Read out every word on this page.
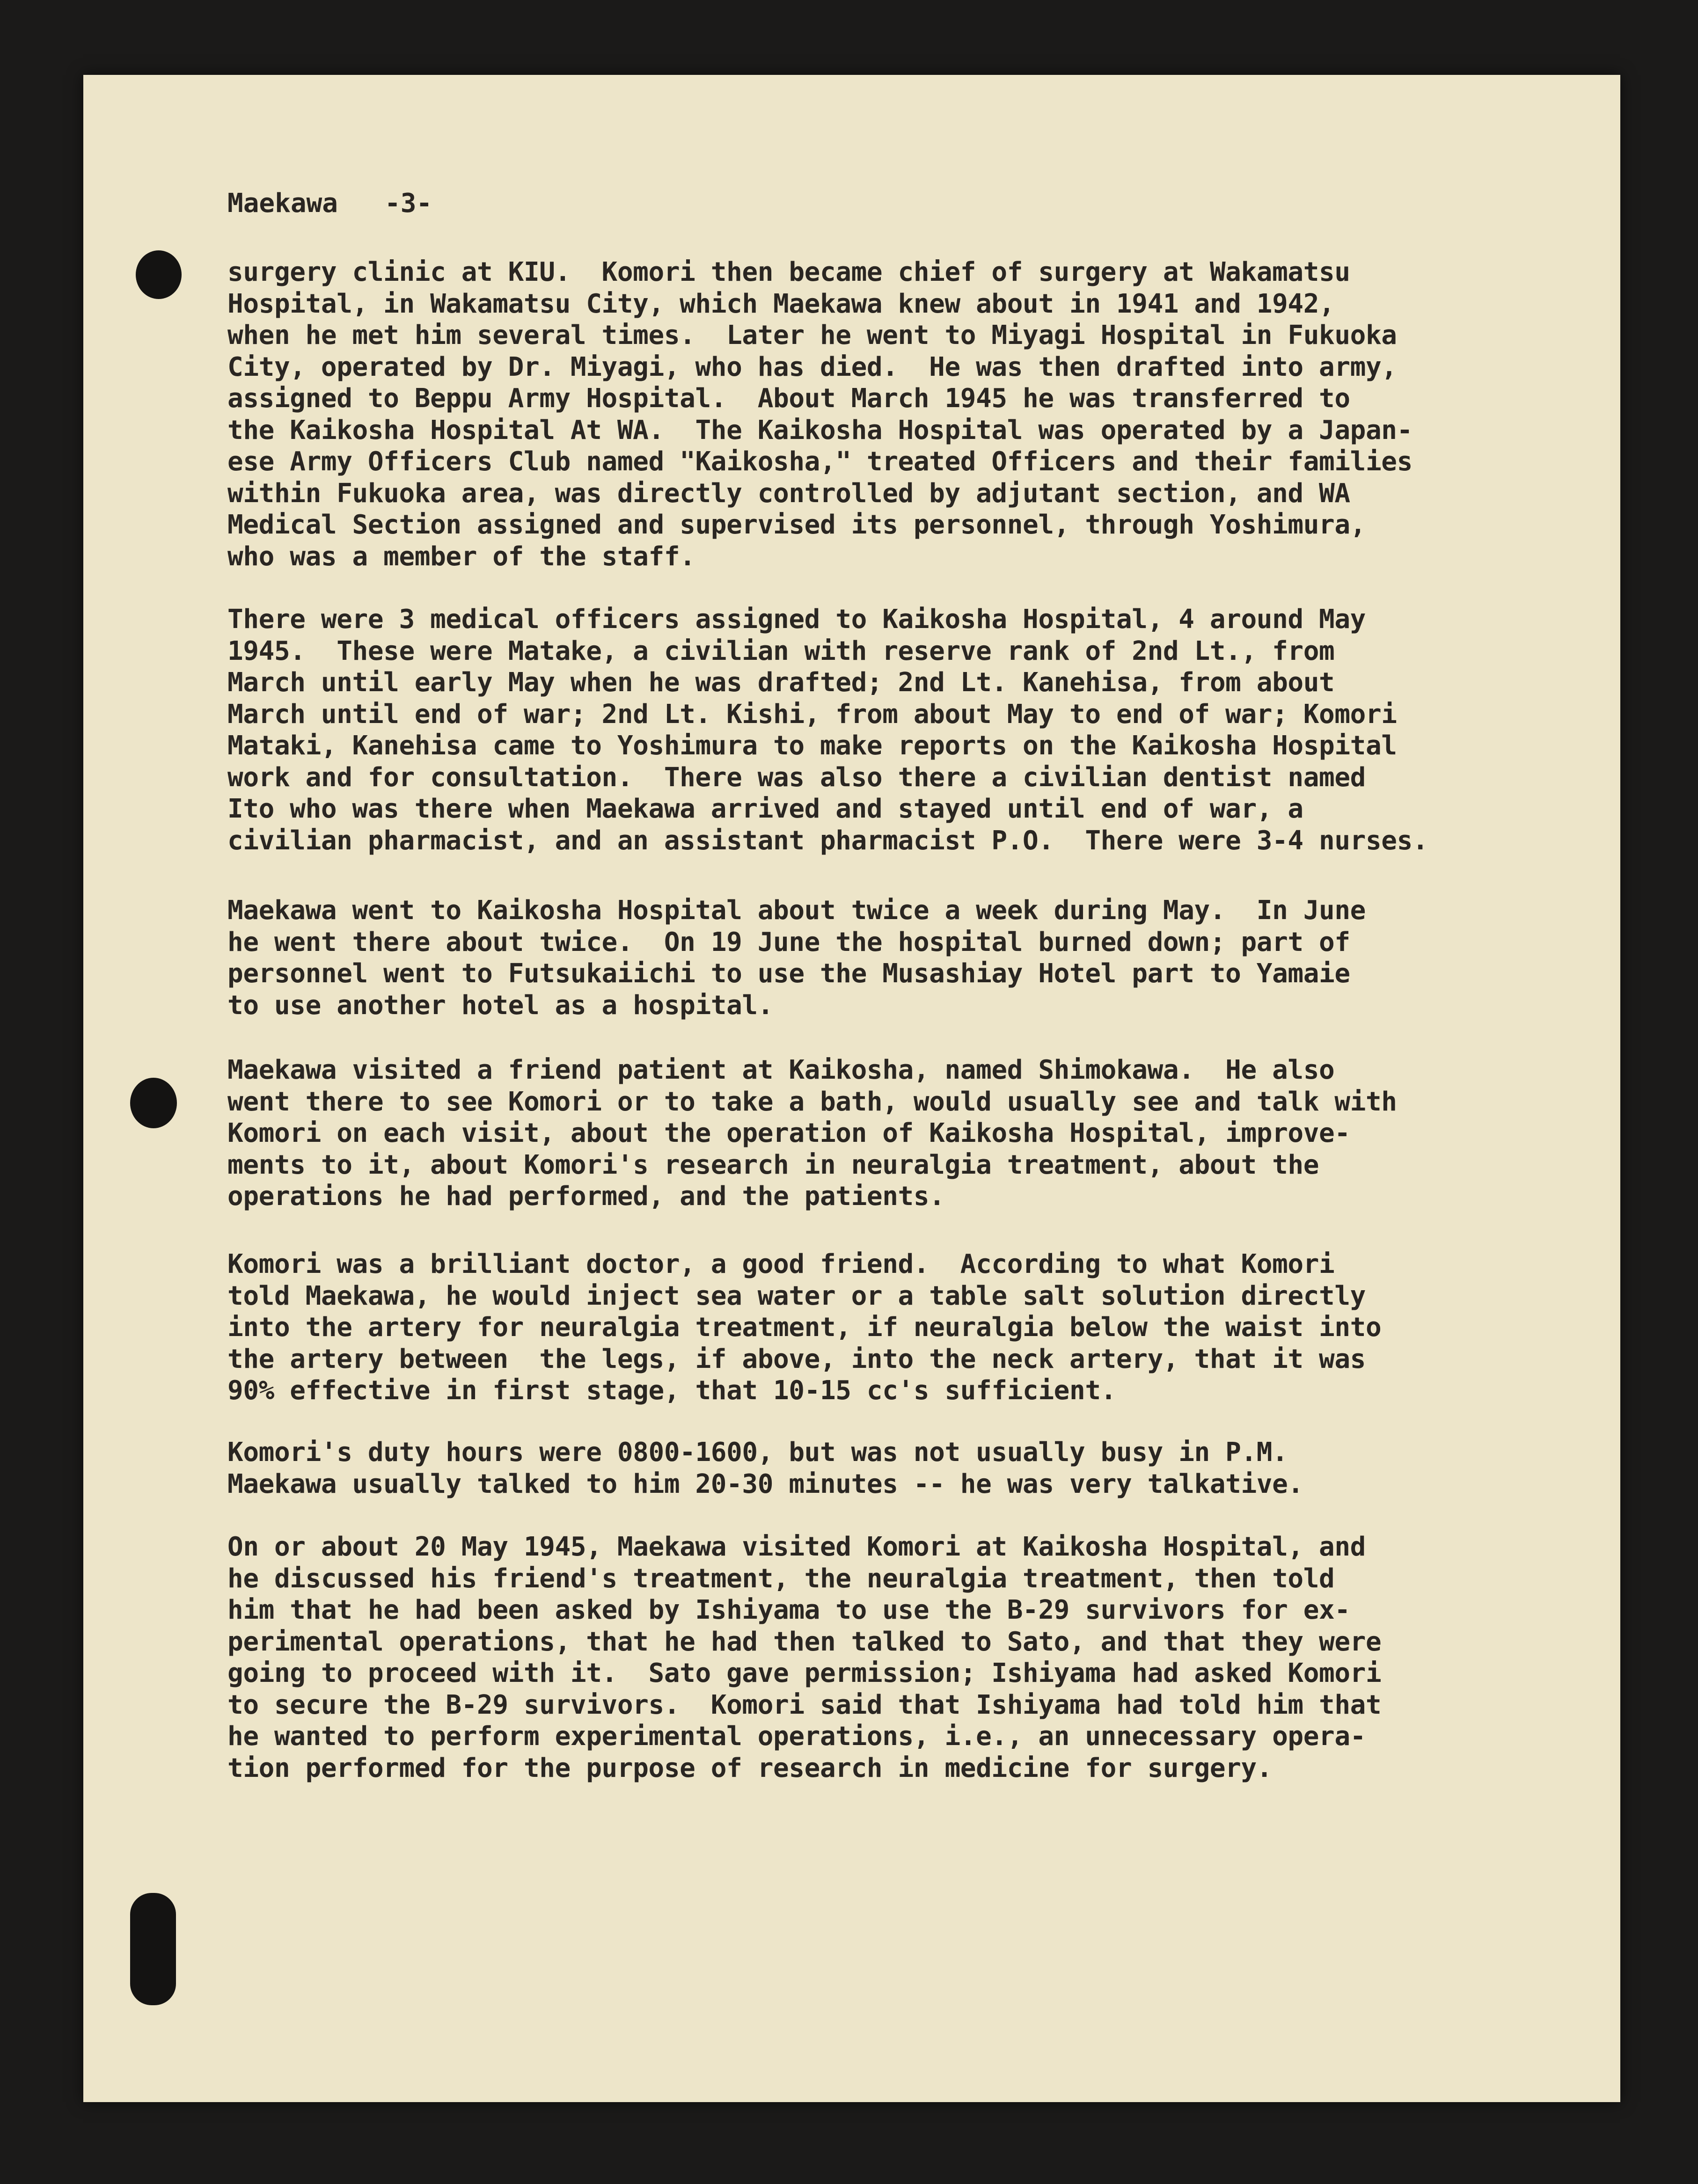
Maekawa -3-

surgery clinic at KIU.  Komori then became chief of surgery at Wakamatsu
Hospital, in Wakamatsu City, which Maekawa knew about in 1941 and 1942,
when he met him several times.  Later he went to Miyagi Hospital in Fukuoka
City, operated by Dr. Miyagi, who has died.  He was then drafted into army,
assigned to Beppu Army Hospital.  About March 1945 he was transferred to
the Kaikosha Hospital At WA.  The Kaikosha Hospital was operated by a Japan-
ese Army Officers Club named "Kaikosha," treated Officers and their families
within Fukuoka area, was directly controlled by adjutant section, and WA
Medical Section assigned and supervised its personnel, through Yoshimura,
who was a member of the staff.

There were 3 medical officers assigned to Kaikosha Hospital, 4 around May
1945.  These were Matake, a civilian with reserve rank of 2nd Lt., from
March until early May when he was drafted; 2nd Lt. Kanehisa, from about
March until end of war; 2nd Lt. Kishi, from about May to end of war; Komori
Mataki, Kanehisa came to Yoshimura to make reports on the Kaikosha Hospital
work and for consultation.  There was also there a civilian dentist named
Ito who was there when Maekawa arrived and stayed until end of war, a
civilian pharmacist, and an assistant pharmacist P.O.  There were 3-4 nurses.

Maekawa went to Kaikosha Hospital about twice a week during May.  In June
he went there about twice.  On 19 June the hospital burned down; part of
personnel went to Futsukaiichi to use the Musashiay Hotel part to Yamaie
to use another hotel as a hospital.

Maekawa visited a friend patient at Kaikosha, named Shimokawa.  He also
went there to see Komori or to take a bath, would usually see and talk with
Komori on each visit, about the operation of Kaikosha Hospital, improve-
ments to it, about Komori's research in neuralgia treatment, about the
operations he had performed, and the patients.

Komori was a brilliant doctor, a good friend.  According to what Komori
told Maekawa, he would inject sea water or a table salt solution directly
into the artery for neuralgia treatment, if neuralgia below the waist into
the artery between  the legs, if above, into the neck artery, that it was
90% effective in first stage, that 10-15 cc's sufficient.

Komori's duty hours were 0800-1600, but was not usually busy in P.M.
Maekawa usually talked to him 20-30 minutes -- he was very talkative.

On or about 20 May 1945, Maekawa visited Komori at Kaikosha Hospital, and
he discussed his friend's treatment, the neuralgia treatment, then told
him that he had been asked by Ishiyama to use the B-29 survivors for ex-
perimental operations, that he had then talked to Sato, and that they were
going to proceed with it.  Sato gave permission; Ishiyama had asked Komori
to secure the B-29 survivors.  Komori said that Ishiyama had told him that
he wanted to perform experimental operations, i.e., an unnecessary opera-
tion performed for the purpose of research in medicine for surgery.
